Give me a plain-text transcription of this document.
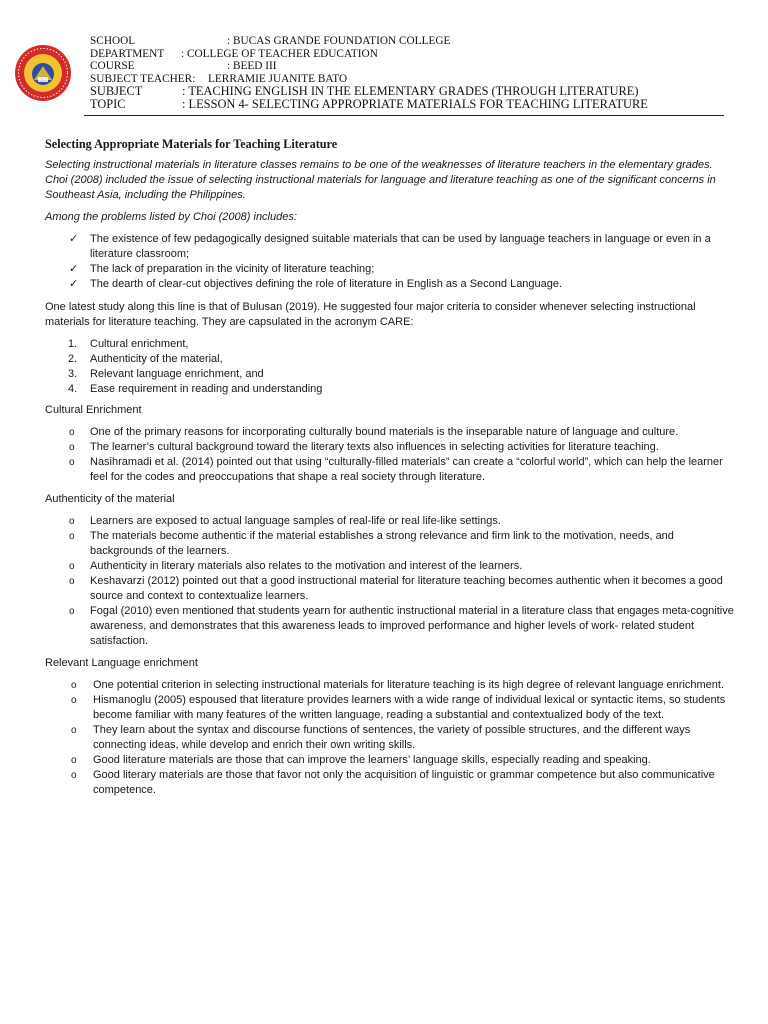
SCHOOL	: BUCAS GRANDE FOUNDATION COLLEGE
DEPARTMENT	: COLLEGE OF TEACHER EDUCATION
COURSE	: BEED III
SUBJECT TEACHER:	LERRAMIE JUANITE BATO
SUBJECT	: TEACHING ENGLISH IN THE ELEMENTARY GRADES (THROUGH LITERATURE)
TOPIC	: LESSON 4- SELECTING APPROPRIATE MATERIALS FOR TEACHING LITERATURE

Selecting Appropriate Materials for Teaching Literature

Selecting instructional materials in literature classes remains to be one of the weaknesses of literature teachers in the elementary grades. Choi (2008) included the issue of selecting instructional materials for language and literature teaching as one of the significant concerns in Southeast Asia, including the Philippines.

Among the problems listed by Choi (2008) includes:

✓ The existence of few pedagogically designed suitable materials that can be used by language teachers in language or even in a literature classroom;
✓ The lack of preparation in the vicinity of literature teaching;
✓ The dearth of clear-cut objectives defining the role of literature in English as a Second Language.

One latest study along this line is that of Bulusan (2019). He suggested four major criteria to consider whenever selecting instructional materials for literature teaching. They are capsulated in the acronym CARE:

1. Cultural enrichment,
2. Authenticity of the material,
3. Relevant language enrichment, and
4. Ease requirement in reading and understanding

Cultural Enrichment

o One of the primary reasons for incorporating culturally bound materials is the inseparable nature of language and culture.
o The learner’s cultural background toward the literary texts also influences in selecting activities for literature teaching.
o Nasihramadi et al. (2014) pointed out that using “culturally-filled materials” can create a “colorful world”, which can help the learner feel for the codes and preoccupations that shape a real society through literature.

Authenticity of the material

o Learners are exposed to actual language samples of real-life or real life-like settings.
o The materials become authentic if the material establishes a strong relevance and firm link to the motivation, needs, and backgrounds of the learners.
o Authenticity in literary materials also relates to the motivation and interest of the learners.
o Keshavarzi (2012) pointed out that a good instructional material for literature teaching becomes authentic when it becomes a good source and context to contextualize learners.
o Fogal (2010) even mentioned that students yearn for authentic instructional material in a literature class that engages meta-cognitive awareness, and demonstrates that this awareness leads to improved performance and higher levels of work- related student satisfaction.

Relevant Language enrichment

o One potential criterion in selecting instructional materials for literature teaching is its high degree of relevant language enrichment.
o Hismanoglu (2005) espoused that literature provides learners with a wide range of individual lexical or syntactic items, so students become familiar with many features of the written language, reading a substantial and contextualized body of the text.
o They learn about the syntax and discourse functions of sentences, the variety of possible structures, and the different ways connecting ideas, while develop and enrich their own writing skills.
o Good literature materials are those that can improve the learners’ language skills, especially reading and speaking.
o Good literary materials are those that favor not only the acquisition of linguistic or grammar competence but also communicative competence.
